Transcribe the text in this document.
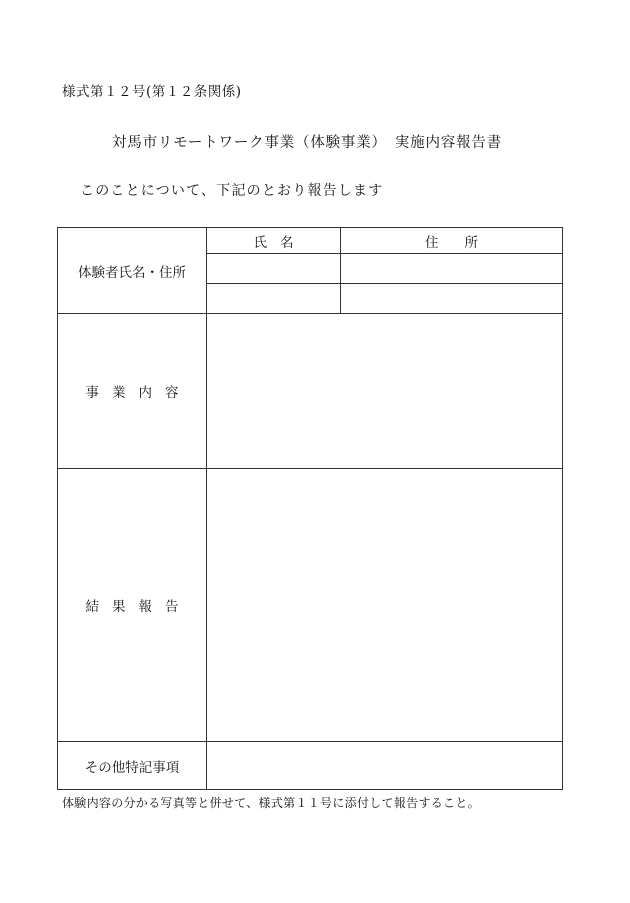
様式第１２号(第１２条関係)
対馬市リモートワーク事業（体験事業）　実施内容報告書
このことについて、下記のとおり報告します
体験者氏名・住所	氏名	住所

事業内容		
結果報告		
その他特記事項		
体験内容の分かる写真等と併せて、様式第１１号に添付して報告すること。
